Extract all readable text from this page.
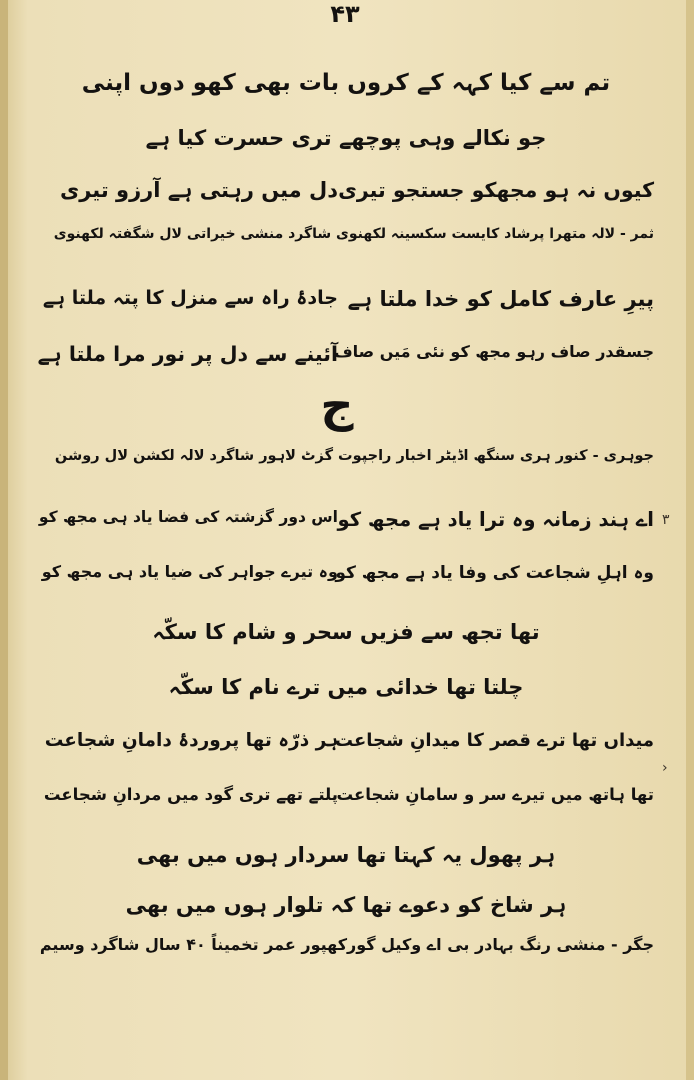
۴۳
تم سے کیا کہہ کے کروں بات بھی کھو دوں اپنی
جو نکالے وہی پوچھے تری حسرت کیا ہے
کیوں نہ ہو مجھکو جستجو تیری
دل میں رہتی ہے آرزو تیری
ثمر - لالہ متھرا پرشاد کایست سکسینہ لکھنوی شاگرد منشی خیراتی لال شگفتہ لکھنوی
پیرِ عارف کامل کو خدا ملتا ہے
جادۂ راہ سے منزل کا پتہ ملتا ہے
جسقدر صاف رہو مجھ کو نئی مَیں صاف
آئینے سے دل پر نور مرا ملتا ہے
ج
جوہری - کنور ہری سنگھ اڈیٹر اخبار راجپوت گزٹ لاہور شاگرد لالہ لکشن لال روشن
اے ہند زمانہ وہ ترا یاد ہے مجھ کو
اس دور گزشتہ کی فضا یاد ہی مجھ کو
وہ اہلِ شجاعت کی وفا یاد ہے مجھ کو
وہ تیرے جواہر کی ضیا یاد ہی مجھ کو
تھا تجھ سے فزیں سحر و شام کا سکّہ
چلتا تھا خدائی میں ترے نام کا سکّہ
میداں تھا ترے قصر کا میدانِ شجاعت
ہر ذرّہ تھا پروردۂ دامانِ شجاعت
تھا ہاتھ میں تیرے سر و سامانِ شجاعت
پلتے تھے تری گود میں مردانِ شجاعت
ہر پھول یہ کہتا تھا سردار ہوں میں بھی
ہر شاخ کو دعوے تھا کہ تلوار ہوں میں بھی
جگر - منشی رنگ بہادر بی اے وکیل گورکھپور عمر تخمیناً ۴۰ سال شاگرد وسیم
۳
›
